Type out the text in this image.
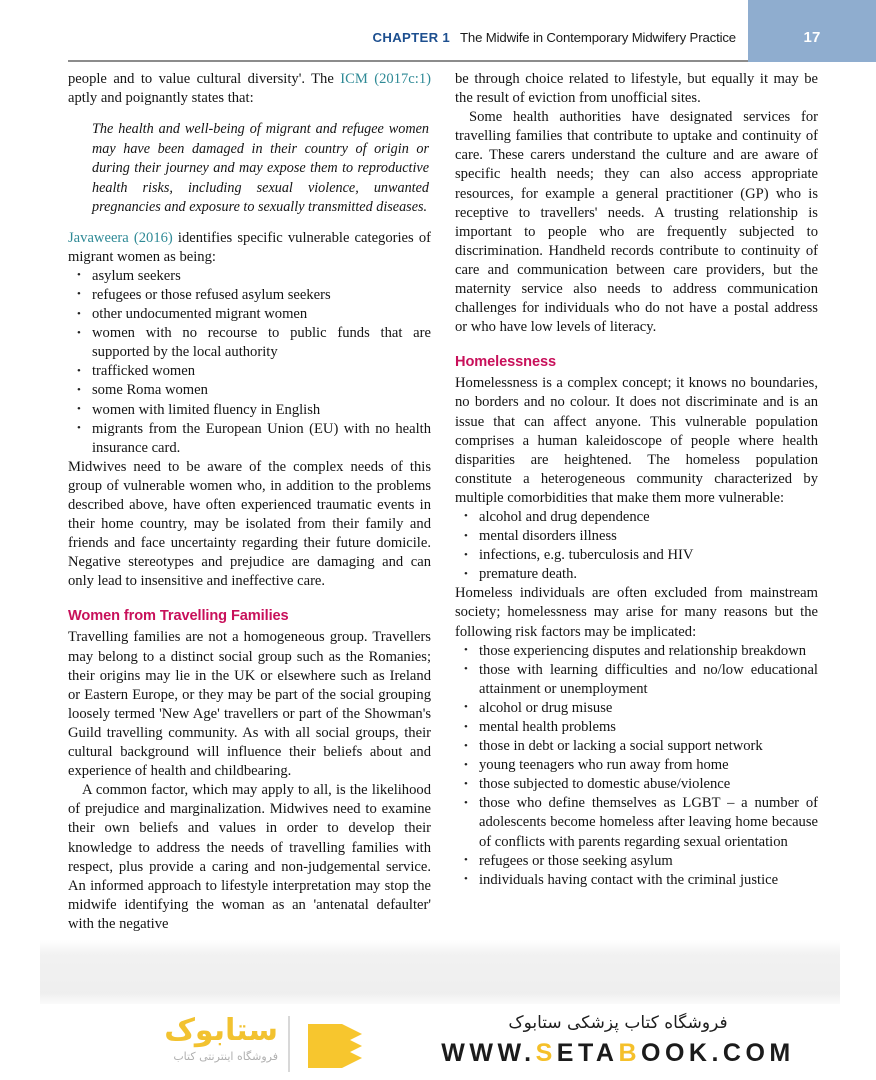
CHAPTER 1 The Midwife in Contemporary Midwifery Practice	17

people and to value cultural diversity'. The ICM (2017c:1) aptly and poignantly states that:

The health and well-being of migrant and refugee women may have been damaged in their country of origin or during their journey and may expose them to reproductive health risks, including sexual violence, unwanted pregnancies and exposure to sexually transmitted diseases.

Javaweera (2016) identifies specific vulnerable categories of migrant women as being:

• asylum seekers
• refugees or those refused asylum seekers
• other undocumented migrant women
• women with no recourse to public funds that are supported by the local authority
• trafficked women
• some Roma women
• women with limited fluency in English
• migrants from the European Union (EU) with no health insurance card.

Midwives need to be aware of the complex needs of this group of vulnerable women who, in addition to the problems described above, have often experienced traumatic events in their home country, may be isolated from their family and friends and face uncertainty regarding their future domicile. Negative stereotypes and prejudice are damaging and can only lead to insensitive and ineffective care.

Women from Travelling Families

Travelling families are not a homogeneous group. Travellers may belong to a distinct social group such as the Romanies; their origins may lie in the UK or elsewhere such as Ireland or Eastern Europe, or they may be part of the social grouping loosely termed 'New Age' travellers or part of the Showman's Guild travelling community. As with all social groups, their cultural background will influence their beliefs about and experience of health and childbearing.

A common factor, which may apply to all, is the likelihood of prejudice and marginalization. Midwives need to examine their own beliefs and values in order to develop their knowledge to address the needs of travelling families with respect, plus provide a caring and non-judgemental service. An informed approach to lifestyle interpretation may stop the midwife identifying the woman as an 'antenatal defaulter' with the negative

be through choice related to lifestyle, but equally it may be the result of eviction from unofficial sites.

Some health authorities have designated services for travelling families that contribute to uptake and continuity of care. These carers understand the culture and are aware of specific health needs; they can also access appropriate resources, for example a general practitioner (GP) who is receptive to travellers' needs. A trusting relationship is important to people who are frequently subjected to discrimination. Handheld records contribute to continuity of care and communication between care providers, but the maternity service also needs to address communication challenges for individuals who do not have a postal address or who have low levels of literacy.

Homelessness

Homelessness is a complex concept; it knows no boundaries, no borders and no colour. It does not discriminate and is an issue that can affect anyone. This vulnerable population comprises a human kaleidoscope of people where health disparities are heightened. The homeless population constitute a heterogeneous community characterized by multiple comorbidities that make them more vulnerable:

• alcohol and drug dependence
• mental disorders illness
• infections, e.g. tuberculosis and HIV
• premature death.

Homeless individuals are often excluded from mainstream society; homelessness may arise for many reasons but the following risk factors may be implicated:

• those experiencing disputes and relationship breakdown
• those with learning difficulties and no/low educational attainment or unemployment
• alcohol or drug misuse
• mental health problems
• those in debt or lacking a social support network
• young teenagers who run away from home
• those subjected to domestic abuse/violence
• those who define themselves as LGBT – a number of adolescents become homeless after leaving home because of conflicts with parents regarding sexual orientation
• refugees or those seeking asylum
• individuals having contact with the criminal justice
ستابوک
فروشگاه اینترنتی کتاب
فروشگاه کتاب پزشکی ستابوک
WWW.SETABOOK.COM
